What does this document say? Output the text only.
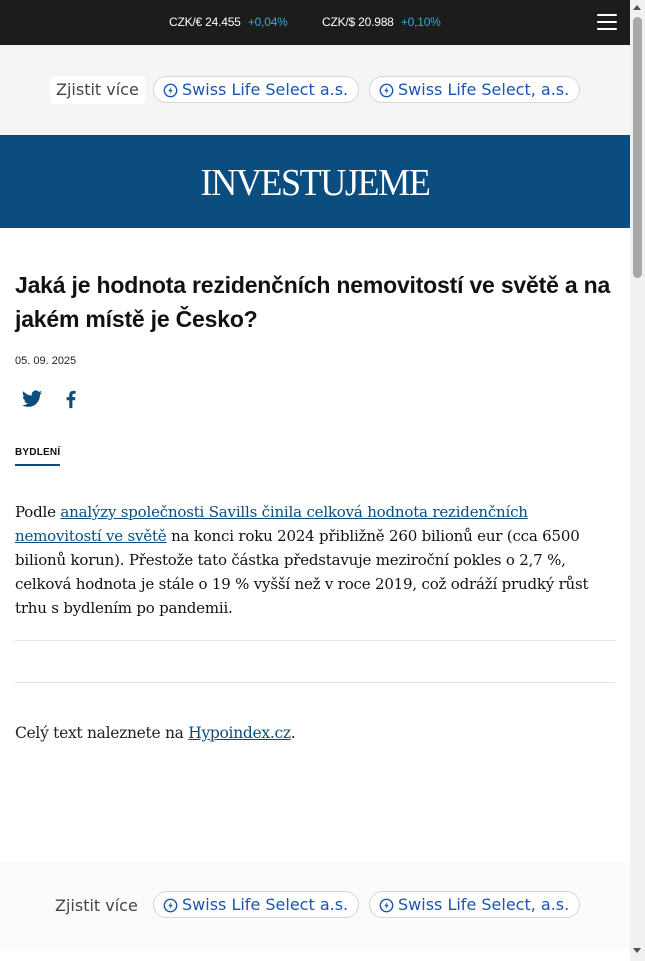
CZK/€ 24.455 +0,04%	CZK/$ 20.988 +0,10%
Zjistit více	Swiss Life Select a.s.	Swiss Life Select, a.s.
INVESTUJEME
Jaká je hodnota rezidenčních nemovitostí ve světě a na jakém místě je Česko?
05. 09. 2025
BYDLENÍ

Podle analýzy společnosti Savills činila celková hodnota rezidenčních nemovitostí ve světě na konci roku 2024 přibližně 260 bilionů eur (cca 6500 bilionů korun). Přestože tato částka představuje meziroční pokles o 2,7 %, celková hodnota je stále o 19 % vyšší než v roce 2019, což odráží prudký růst trhu s bydlením po pandemii.

Celý text naleznete na Hypoindex.cz.

Zjistit více	Swiss Life Select a.s.	Swiss Life Select, a.s.
